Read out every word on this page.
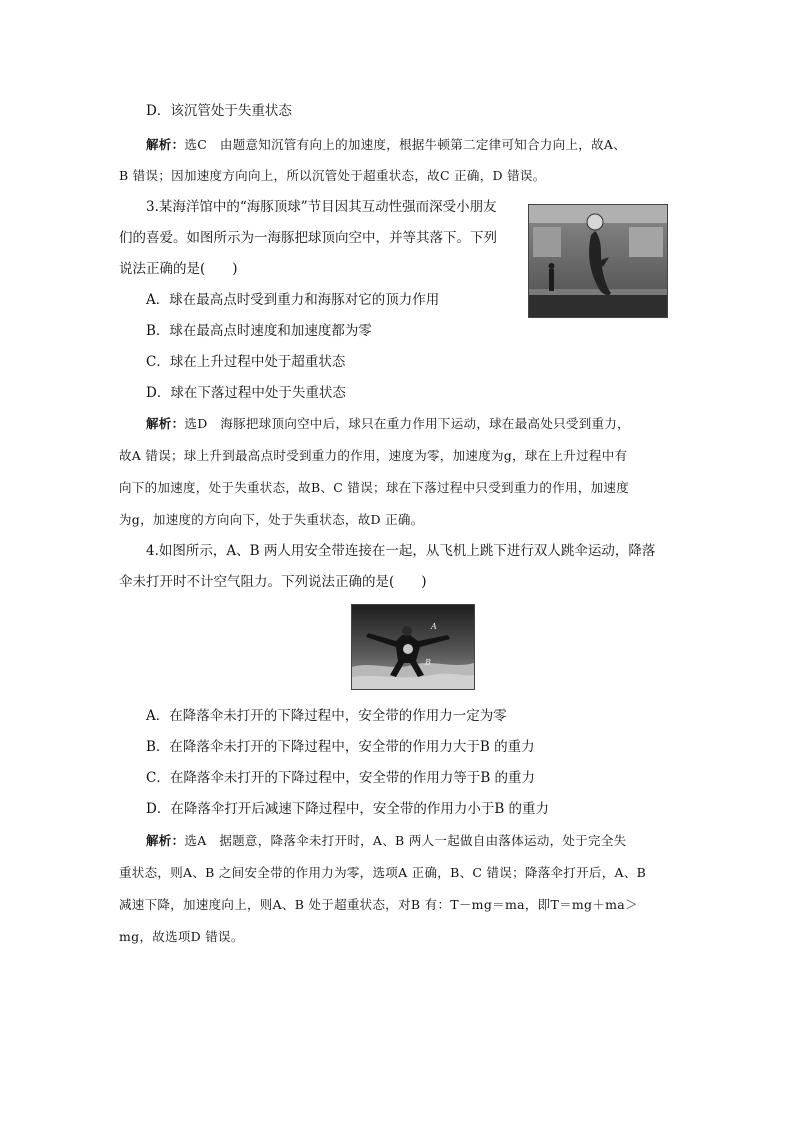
D．该沉管处于失重状态
解析：选C　由题意知沉管有向上的加速度，根据牛顿第二定律可知合力向上，故A、
B 错误；因加速度方向向上，所以沉管处于超重状态，故C 正确，D 错误。
3.某海洋馆中的“海豚顶球”节目因其互动性强而深受小朋友
们的喜爱。如图所示为一海豚把球顶向空中，并等其落下。下列
说法正确的是(　　)
A．球在最高点时受到重力和海豚对它的顶力作用
B．球在最高点时速度和加速度都为零
C．球在上升过程中处于超重状态
D．球在下落过程中处于失重状态
解析：选D　海豚把球顶向空中后，球只在重力作用下运动，球在最高处只受到重力，
故A 错误；球上升到最高点时受到重力的作用，速度为零，加速度为g，球在上升过程中有
向下的加速度，处于失重状态，故B、C 错误；球在下落过程中只受到重力的作用，加速度
为g，加速度的方向向下，处于失重状态，故D 正确。
4.如图所示，A、B 两人用安全带连接在一起，从飞机上跳下进行双人跳伞运动，降落
伞未打开时不计空气阻力。下列说法正确的是(　　)
A
B
A．在降落伞未打开的下降过程中，安全带的作用力一定为零
B．在降落伞未打开的下降过程中，安全带的作用力大于B 的重力
C．在降落伞未打开的下降过程中，安全带的作用力等于B 的重力
D．在降落伞打开后减速下降过程中，安全带的作用力小于B 的重力
解析：选A　据题意，降落伞未打开时，A、B 两人一起做自由落体运动，处于完全失
重状态，则A、B 之间安全带的作用力为零，选项A 正确，B、C 错误；降落伞打开后，A、B
减速下降，加速度向上，则A、B 处于超重状态，对B 有：T－mg＝ma，即T＝mg＋ma＞
mg，故选项D 错误。
